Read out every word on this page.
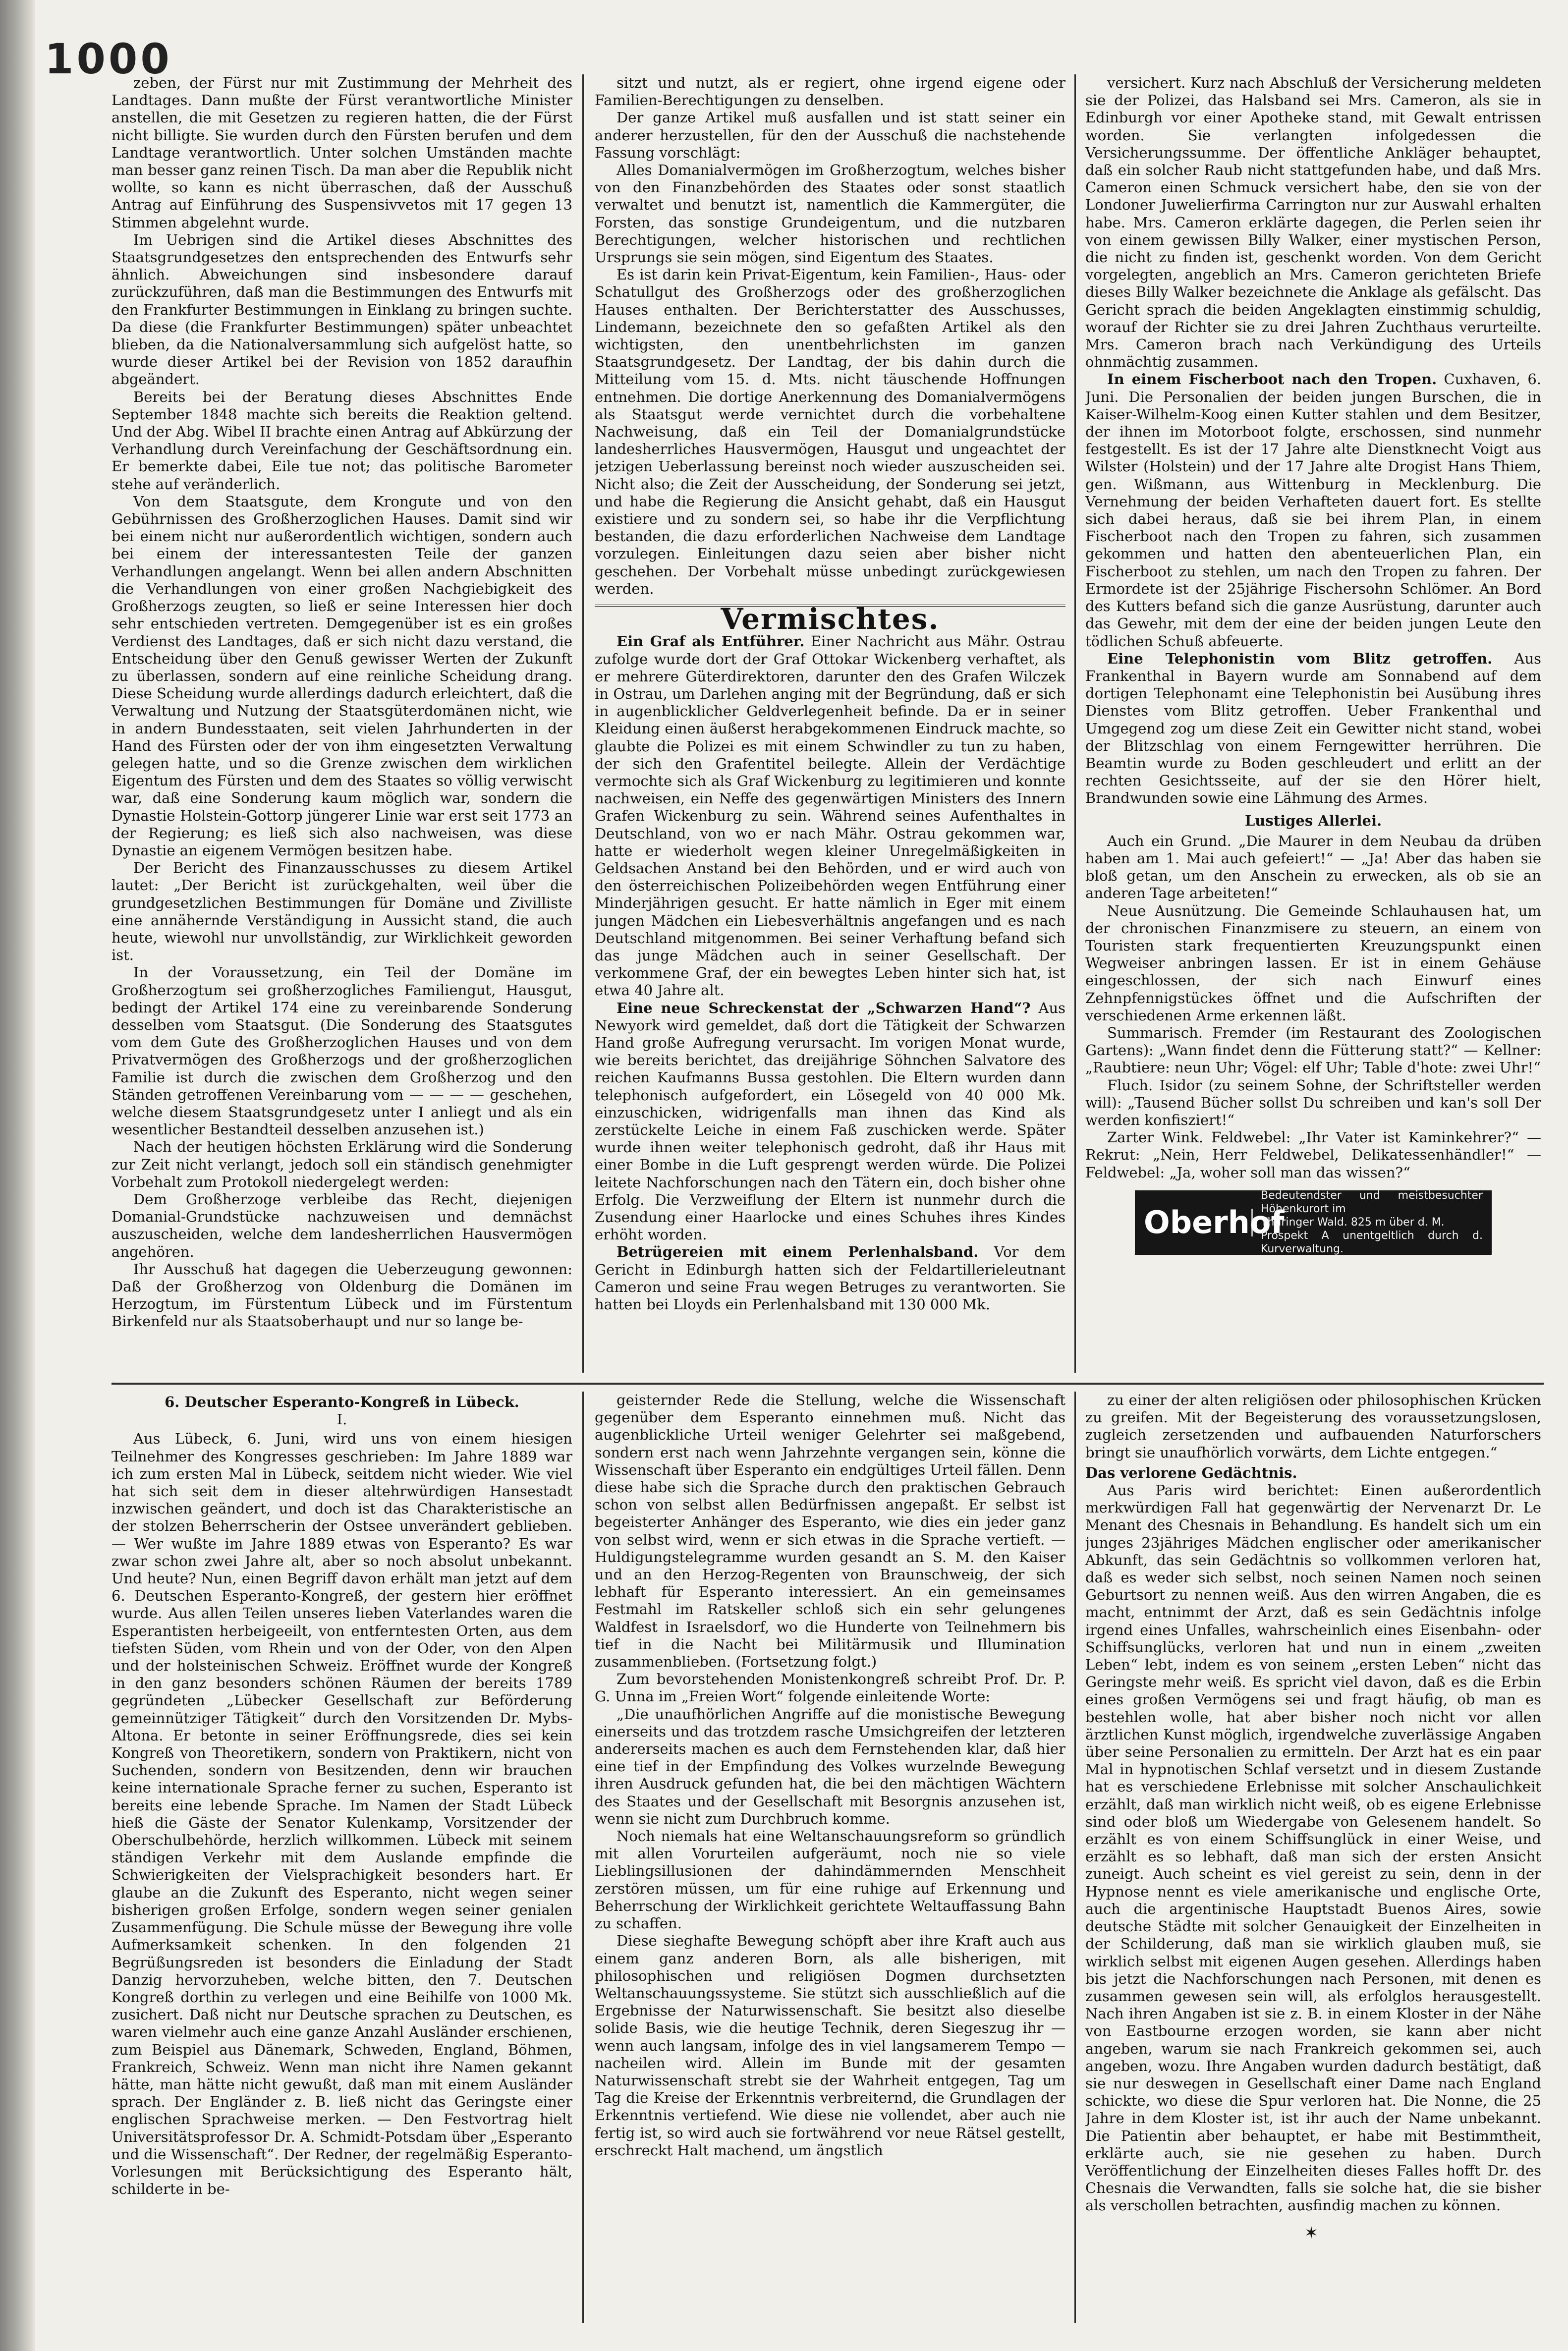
1000

zeben, der Fürst nur mit Zustimmung der Mehrheit des Landtages. Dann mußte der Fürst verantwortliche Minister anstellen, die mit Gesetzen zu regieren hatten, die der Fürst nicht billigte. Sie wurden durch den Fürsten berufen und dem Landtage verantwortlich. Unter solchen Umständen machte man besser ganz reinen Tisch. Da man aber die Republik nicht wollte, so kann es nicht überraschen, daß der Ausschuß Antrag auf Einführung des Suspensivvetos mit 17 gegen 13 Stimmen abgelehnt wurde.

Im Uebrigen sind die Artikel dieses Abschnittes des Staatsgrundgesetzes den entsprechenden des Entwurfs sehr ähnlich. Abweichungen sind insbesondere darauf zurückzuführen, daß man die Bestimmungen des Entwurfs mit den Frankfurter Bestimmungen in Einklang zu bringen suchte. Da diese (die Frankfurter Bestimmungen) später unbeachtet blieben, da die Nationalversammlung sich aufgelöst hatte, so wurde dieser Artikel bei der Revision von 1852 daraufhin abgeändert.

Bereits bei der Beratung dieses Abschnittes Ende September 1848 machte sich bereits die Reaktion geltend. Und der Abg. Wibel II brachte einen Antrag auf Abkürzung der Verhandlung durch Vereinfachung der Geschäftsordnung ein. Er bemerkte dabei, Eile tue not; das politische Barometer stehe auf veränderlich.

Von dem Staatsgute, dem Krongute und von den Gebührnissen des Großherzoglichen Hauses. Damit sind wir bei einem nicht nur außerordentlich wichtigen, sondern auch bei einem der interessantesten Teile der ganzen Verhandlungen angelangt. Wenn bei allen andern Abschnitten die Verhandlungen von einer großen Nachgiebigkeit des Großherzogs zeugten, so ließ er seine Interessen hier doch sehr entschieden vertreten. Demgegenüber ist es ein großes Verdienst des Landtages, daß er sich nicht dazu verstand, die Entscheidung über den Genuß gewisser Werten der Zukunft zu überlassen, sondern auf eine reinliche Scheidung drang. Diese Scheidung wurde allerdings dadurch erleichtert, daß die Verwaltung und Nutzung der Staatsgüterdomänen nicht, wie in andern Bundesstaaten, seit vielen Jahrhunderten in der Hand des Fürsten oder der von ihm eingesetzten Verwaltung gelegen hatte, und so die Grenze zwischen dem wirklichen Eigentum des Fürsten und dem des Staates so völlig verwischt war, daß eine Sonderung kaum möglich war, sondern die Dynastie Holstein-Gottorp jüngerer Linie war erst seit 1773 an der Regierung; es ließ sich also nachweisen, was diese Dynastie an eigenem Vermögen besitzen habe.

Der Bericht des Finanzausschusses zu diesem Artikel lautet: „Der Bericht ist zurückgehalten, weil über die grundgesetzlichen Bestimmungen für Domäne und Zivilliste eine annähernde Verständigung in Aussicht stand, die auch heute, wiewohl nur unvollständig, zur Wirklichkeit geworden ist.

In der Voraussetzung, ein Teil der Domäne im Großherzogtum sei großherzogliches Familiengut, Hausgut, bedingt der Artikel 174 eine zu vereinbarende Sonderung desselben vom Staatsgut. (Die Sonderung des Staatsgutes vom dem Gute des Großherzoglichen Hauses und von dem Privatvermögen des Großherzogs und der großherzoglichen Familie ist durch die zwischen dem Großherzog und den Ständen getroffenen Vereinbarung vom — — — — geschehen, welche diesem Staatsgrundgesetz unter I anliegt und als ein wesentlicher Bestandteil desselben anzusehen ist.)

Nach der heutigen höchsten Erklärung wird die Sonderung zur Zeit nicht verlangt, jedoch soll ein ständisch genehmigter Vorbehalt zum Protokoll niedergelegt werden:

Dem Großherzoge verbleibe das Recht, diejenigen Domanial-Grundstücke nachzuweisen und demnächst auszuscheiden, welche dem landesherrlichen Hausvermögen angehören.

Ihr Ausschuß hat dagegen die Ueberzeugung gewonnen: Daß der Großherzog von Oldenburg die Domänen im Herzogtum, im Fürstentum Lübeck und im Fürstentum Birkenfeld nur als Staatsoberhaupt und nur so lange be-

sitzt und nutzt, als er regiert, ohne irgend eigene oder Familien-Berechtigungen zu denselben.

Der ganze Artikel muß ausfallen und ist statt seiner ein anderer herzustellen, für den der Ausschuß die nachstehende Fassung vorschlägt:

Alles Domanialvermögen im Großherzogtum, welches bisher von den Finanzbehörden des Staates oder sonst staatlich verwaltet und benutzt ist, namentlich die Kammergüter, die Forsten, das sonstige Grundeigentum, und die nutzbaren Berechtigungen, welcher historischen und rechtlichen Ursprungs sie sein mögen, sind Eigentum des Staates.

Es ist darin kein Privat-Eigentum, kein Familien-, Haus- oder Schatullgut des Großherzogs oder des großherzoglichen Hauses enthalten. Der Berichterstatter des Ausschusses, Lindemann, bezeichnete den so gefaßten Artikel als den wichtigsten, den unentbehrlichsten im ganzen Staatsgrundgesetz. Der Landtag, der bis dahin durch die Mitteilung vom 15. d. Mts. nicht täuschende Hoffnungen entnehmen. Die dortige Anerkennung des Domanialvermögens als Staatsgut werde vernichtet durch die vorbehaltene Nachweisung, daß ein Teil der Domanialgrundstücke landesherrliches Hausvermögen, Hausgut und ungeachtet der jetzigen Ueberlassung bereinst noch wieder auszuscheiden sei. Nicht also; die Zeit der Ausscheidung, der Sonderung sei jetzt, und habe die Regierung die Ansicht gehabt, daß ein Hausgut existiere und zu sondern sei, so habe ihr die Verpflichtung bestanden, die dazu erforderlichen Nachweise dem Landtage vorzulegen. Einleitungen dazu seien aber bisher nicht geschehen. Der Vorbehalt müsse unbedingt zurückgewiesen werden.

Vermischtes.

Ein Graf als Entführer. Einer Nachricht aus Mähr. Ostrau zufolge wurde dort der Graf Ottokar Wickenberg verhaftet, als er mehrere Güterdirektoren, darunter den des Grafen Wilczek in Ostrau, um Darlehen anging mit der Begründung, daß er sich in augenblicklicher Geldverlegenheit befinde. Da er in seiner Kleidung einen äußerst herabgekommenen Eindruck machte, so glaubte die Polizei es mit einem Schwindler zu tun zu haben, der sich den Grafentitel beilegte. Allein der Verdächtige vermochte sich als Graf Wickenburg zu legitimieren und konnte nachweisen, ein Neffe des gegenwärtigen Ministers des Innern Grafen Wickenburg zu sein. Während seines Aufenthaltes in Deutschland, von wo er nach Mähr. Ostrau gekommen war, hatte er wiederholt wegen kleiner Unregelmäßigkeiten in Geldsachen Anstand bei den Behörden, und er wird auch von den österreichischen Polizeibehörden wegen Entführung einer Minderjährigen gesucht. Er hatte nämlich in Eger mit einem jungen Mädchen ein Liebesverhältnis angefangen und es nach Deutschland mitgenommen. Bei seiner Verhaftung befand sich das junge Mädchen auch in seiner Gesellschaft. Der verkommene Graf, der ein bewegtes Leben hinter sich hat, ist etwa 40 Jahre alt.

Eine neue Schreckenstat der „Schwarzen Hand“? Aus Newyork wird gemeldet, daß dort die Tätigkeit der Schwarzen Hand große Aufregung verursacht. Im vorigen Monat wurde, wie bereits berichtet, das dreijährige Söhnchen Salvatore des reichen Kaufmanns Bussa gestohlen. Die Eltern wurden dann telephonisch aufgefordert, ein Lösegeld von 40 000 Mk. einzuschicken, widrigenfalls man ihnen das Kind als zerstückelte Leiche in einem Faß zuschicken werde. Später wurde ihnen weiter telephonisch gedroht, daß ihr Haus mit einer Bombe in die Luft gesprengt werden würde. Die Polizei leitete Nachforschungen nach den Tätern ein, doch bisher ohne Erfolg. Die Verzweiflung der Eltern ist nunmehr durch die Zusendung einer Haarlocke und eines Schuhes ihres Kindes erhöht worden.

Betrügereien mit einem Perlenhalsband. Vor dem Gericht in Edinburgh hatten sich der Feldartillerieleutnant Cameron und seine Frau wegen Betruges zu verantworten. Sie hatten bei Lloyds ein Perlenhalsband mit 130 000 Mk.

versichert. Kurz nach Abschluß der Versicherung meldeten sie der Polizei, das Halsband sei Mrs. Cameron, als sie in Edinburgh vor einer Apotheke stand, mit Gewalt entrissen worden. Sie verlangten infolgedessen die Versicherungssumme. Der öffentliche Ankläger behauptet, daß ein solcher Raub nicht stattgefunden habe, und daß Mrs. Cameron einen Schmuck versichert habe, den sie von der Londoner Juwelierfirma Carrington nur zur Auswahl erhalten habe. Mrs. Cameron erklärte dagegen, die Perlen seien ihr von einem gewissen Billy Walker, einer mystischen Person, die nicht zu finden ist, geschenkt worden. Von dem Gericht vorgelegten, angeblich an Mrs. Cameron gerichteten Briefe dieses Billy Walker bezeichnete die Anklage als gefälscht. Das Gericht sprach die beiden Angeklagten einstimmig schuldig, worauf der Richter sie zu drei Jahren Zuchthaus verurteilte. Mrs. Cameron brach nach Verkündigung des Urteils ohnmächtig zusammen.

In einem Fischerboot nach den Tropen. Cuxhaven, 6. Juni. Die Personalien der beiden jungen Burschen, die in Kaiser-Wilhelm-Koog einen Kutter stahlen und dem Besitzer, der ihnen im Motorboot folgte, erschossen, sind nunmehr festgestellt. Es ist der 17 Jahre alte Dienstknecht Voigt aus Wilster (Holstein) und der 17 Jahre alte Drogist Hans Thiem, gen. Wißmann, aus Wittenburg in Mecklenburg. Die Vernehmung der beiden Verhafteten dauert fort. Es stellte sich dabei heraus, daß sie bei ihrem Plan, in einem Fischerboot nach den Tropen zu fahren, sich zusammen gekommen und hatten den abenteuerlichen Plan, ein Fischerboot zu stehlen, um nach den Tropen zu fahren. Der Ermordete ist der 25jährige Fischersohn Schlömer. An Bord des Kutters befand sich die ganze Ausrüstung, darunter auch das Gewehr, mit dem der eine der beiden jungen Leute den tödlichen Schuß abfeuerte.

Eine Telephonistin vom Blitz getroffen. Aus Frankenthal in Bayern wurde am Sonnabend auf dem dortigen Telephonamt eine Telephonistin bei Ausübung ihres Dienstes vom Blitz getroffen. Ueber Frankenthal und Umgegend zog um diese Zeit ein Gewitter nicht stand, wobei der Blitzschlag von einem Ferngewitter herrühren. Die Beamtin wurde zu Boden geschleudert und erlitt an der rechten Gesichtsseite, auf der sie den Hörer hielt, Brandwunden sowie eine Lähmung des Armes.

Lustiges Allerlei.

Auch ein Grund. „Die Maurer in dem Neubau da drüben haben am 1. Mai auch gefeiert!“ — „Ja! Aber das haben sie bloß getan, um den Anschein zu erwecken, als ob sie an anderen Tage arbeiteten!“

Neue Ausnützung. Die Gemeinde Schlauhausen hat, um der chronischen Finanzmisere zu steuern, an einem von Touristen stark frequentierten Kreuzungspunkt einen Wegweiser anbringen lassen. Er ist in einem Gehäuse eingeschlossen, der sich nach Einwurf eines Zehnpfennigstückes öffnet und die Aufschriften der verschiedenen Arme erkennen läßt.

Summarisch. Fremder (im Restaurant des Zoologischen Gartens): „Wann findet denn die Fütterung statt?“ — Kellner: „Raubtiere: neun Uhr; Vögel: elf Uhr; Table d'hote: zwei Uhr!“

Fluch. Isidor (zu seinem Sohne, der Schriftsteller werden will): „Tausend Bücher sollst Du schreiben und kan's soll Der werden konfisziert!“

Zarter Wink. Feldwebel: „Ihr Vater ist Kaminkehrer?“ — Rekrut: „Nein, Herr Feldwebel, Delikatessenhändler!“ — Feldwebel: „Ja, woher soll man das wissen?“

Oberhof
Bedeutendster und meistbesuchter Höhenkurort im
Thüringer Wald. 825 m über d. M.
Prospekt A unentgeltlich durch d. Kurverwaltung.
6. Deutscher Esperanto-Kongreß in Lübeck.
I.

Aus Lübeck, 6. Juni, wird uns von einem hiesigen Teilnehmer des Kongresses geschrieben: Im Jahre 1889 war ich zum ersten Mal in Lübeck, seitdem nicht wieder. Wie viel hat sich seit dem in dieser altehrwürdigen Hansestadt inzwischen geändert, und doch ist das Charakteristische an der stolzen Beherrscherin der Ostsee unverändert geblieben. — Wer wußte im Jahre 1889 etwas von Esperanto? Es war zwar schon zwei Jahre alt, aber so noch absolut unbekannt. Und heute? Nun, einen Begriff davon erhält man jetzt auf dem 6. Deutschen Esperanto-Kongreß, der gestern hier eröffnet wurde. Aus allen Teilen unseres lieben Vaterlandes waren die Esperantisten herbeigeeilt, von entferntesten Orten, aus dem tiefsten Süden, vom Rhein und von der Oder, von den Alpen und der holsteinischen Schweiz. Eröffnet wurde der Kongreß in den ganz besonders schönen Räumen der bereits 1789 gegründeten „Lübecker Gesellschaft zur Beförderung gemeinnütziger Tätigkeit“ durch den Vorsitzenden Dr. Mybs-Altona. Er betonte in seiner Eröffnungsrede, dies sei kein Kongreß von Theoretikern, sondern von Praktikern, nicht von Suchenden, sondern von Besitzenden, denn wir brauchen keine internationale Sprache ferner zu suchen, Esperanto ist bereits eine lebende Sprache. Im Namen der Stadt Lübeck hieß die Gäste der Senator Kulenkamp, Vorsitzender der Oberschulbehörde, herzlich willkommen. Lübeck mit seinem ständigen Verkehr mit dem Auslande empfinde die Schwierigkeiten der Vielsprachigkeit besonders hart. Er glaube an die Zukunft des Esperanto, nicht wegen seiner bisherigen großen Erfolge, sondern wegen seiner genialen Zusammenfügung. Die Schule müsse der Bewegung ihre volle Aufmerksamkeit schenken. In den folgenden 21 Begrüßungsreden ist besonders die Einladung der Stadt Danzig hervorzuheben, welche bitten, den 7. Deutschen Kongreß dorthin zu verlegen und eine Beihilfe von 1000 Mk. zusichert. Daß nicht nur Deutsche sprachen zu Deutschen, es waren vielmehr auch eine ganze Anzahl Ausländer erschienen, zum Beispiel aus Dänemark, Schweden, England, Böhmen, Frankreich, Schweiz. Wenn man nicht ihre Namen gekannt hätte, man hätte nicht gewußt, daß man mit einem Ausländer sprach. Der Engländer z. B. ließ nicht das Geringste einer englischen Sprachweise merken. — Den Festvortrag hielt Universitätsprofessor Dr. A. Schmidt-Potsdam über „Esperanto und die Wissenschaft“. Der Redner, der regelmäßig Esperanto-Vorlesungen mit Berücksichtigung des Esperanto hält, schilderte in be-

geisternder Rede die Stellung, welche die Wissenschaft gegenüber dem Esperanto einnehmen muß. Nicht das augenblickliche Urteil weniger Gelehrter sei maßgebend, sondern erst nach wenn Jahrzehnte vergangen sein, könne die Wissenschaft über Esperanto ein endgültiges Urteil fällen. Denn diese habe sich die Sprache durch den praktischen Gebrauch schon von selbst allen Bedürfnissen angepaßt. Er selbst ist begeisterter Anhänger des Esperanto, wie dies ein jeder ganz von selbst wird, wenn er sich etwas in die Sprache vertieft. — Huldigungstelegramme wurden gesandt an S. M. den Kaiser und an den Herzog-Regenten von Braunschweig, der sich lebhaft für Esperanto interessiert. An ein gemeinsames Festmahl im Ratskeller schloß sich ein sehr gelungenes Waldfest in Israelsdorf, wo die Hunderte von Teilnehmern bis tief in die Nacht bei Militärmusik und Illumination zusammenblieben. (Fortsetzung folgt.)

Zum bevorstehenden Monistenkongreß schreibt Prof. Dr. P. G. Unna im „Freien Wort“ folgende einleitende Worte:

„Die unaufhörlichen Angriffe auf die monistische Bewegung einerseits und das trotzdem rasche Umsichgreifen der letzteren andererseits machen es auch dem Fernstehenden klar, daß hier eine tief in der Empfindung des Volkes wurzelnde Bewegung ihren Ausdruck gefunden hat, die bei den mächtigen Wächtern des Staates und der Gesellschaft mit Besorgnis anzusehen ist, wenn sie nicht zum Durchbruch komme.

Noch niemals hat eine Weltanschauungsreform so gründlich mit allen Vorurteilen aufgeräumt, noch nie so viele Lieblingsillusionen der dahindämmernden Menschheit zerstören müssen, um für eine ruhige auf Erkennung und Beherrschung der Wirklichkeit gerichtete Weltauffassung Bahn zu schaffen.

Diese sieghafte Bewegung schöpft aber ihre Kraft auch aus einem ganz anderen Born, als alle bisherigen, mit philosophischen und religiösen Dogmen durchsetzten Weltanschauungssysteme. Sie stützt sich ausschließlich auf die Ergebnisse der Naturwissenschaft. Sie besitzt also dieselbe solide Basis, wie die heutige Technik, deren Siegeszug ihr — wenn auch langsam, infolge des in viel langsamerem Tempo — nacheilen wird. Allein im Bunde mit der gesamten Naturwissenschaft strebt sie der Wahrheit entgegen, Tag um Tag die Kreise der Erkenntnis verbreiternd, die Grundlagen der Erkenntnis vertiefend. Wie diese nie vollendet, aber auch nie fertig ist, so wird auch sie fortwährend vor neue Rätsel gestellt, erschreckt Halt machend, um ängstlich

zu einer der alten religiösen oder philosophischen Krücken zu greifen. Mit der Begeisterung des voraussetzungslosen, zugleich zersetzenden und aufbauenden Naturforschers bringt sie unaufhörlich vorwärts, dem Lichte entgegen.“

Das verlorene Gedächtnis.

Aus Paris wird berichtet: Einen außerordentlich merkwürdigen Fall hat gegenwärtig der Nervenarzt Dr. Le Menant des Chesnais in Behandlung. Es handelt sich um ein junges 23jähriges Mädchen englischer oder amerikanischer Abkunft, das sein Gedächtnis so vollkommen verloren hat, daß es weder sich selbst, noch seinen Namen noch seinen Geburtsort zu nennen weiß. Aus den wirren Angaben, die es macht, entnimmt der Arzt, daß es sein Gedächtnis infolge irgend eines Unfalles, wahrscheinlich eines Eisenbahn- oder Schiffsunglücks, verloren hat und nun in einem „zweiten Leben“ lebt, indem es von seinem „ersten Leben“ nicht das Geringste mehr weiß. Es spricht viel davon, daß es die Erbin eines großen Vermögens sei und fragt häufig, ob man es bestehlen wolle, hat aber bisher noch nicht vor allen ärztlichen Kunst möglich, irgendwelche zuverlässige Angaben über seine Personalien zu ermitteln. Der Arzt hat es ein paar Mal in hypnotischen Schlaf versetzt und in diesem Zustande hat es verschiedene Erlebnisse mit solcher Anschaulichkeit erzählt, daß man wirklich nicht weiß, ob es eigene Erlebnisse sind oder bloß um Wiedergabe von Gelesenem handelt. So erzählt es von einem Schiffsunglück in einer Weise, und erzählt es so lebhaft, daß man sich der ersten Ansicht zuneigt. Auch scheint es viel gereist zu sein, denn in der Hypnose nennt es viele amerikanische und englische Orte, auch die argentinische Hauptstadt Buenos Aires, sowie deutsche Städte mit solcher Genauigkeit der Einzelheiten in der Schilderung, daß man sie wirklich glauben muß, sie wirklich selbst mit eigenen Augen gesehen. Allerdings haben bis jetzt die Nachforschungen nach Personen, mit denen es zusammen gewesen sein will, als erfolglos herausgestellt. Nach ihren Angaben ist sie z. B. in einem Kloster in der Nähe von Eastbourne erzogen worden, sie kann aber nicht angeben, warum sie nach Frankreich gekommen sei, auch angeben, wozu. Ihre Angaben wurden dadurch bestätigt, daß sie nur deswegen in Gesellschaft einer Dame nach England schickte, wo diese die Spur verloren hat. Die Nonne, die 25 Jahre in dem Kloster ist, ist ihr auch der Name unbekannt. Die Patientin aber behauptet, er habe mit Bestimmtheit, erklärte auch, sie nie gesehen zu haben. Durch Veröffentlichung der Einzelheiten dieses Falles hofft Dr. des Chesnais die Verwandten, falls sie solche hat, die sie bisher als verschollen betrachten, ausfindig machen zu können.

✶
